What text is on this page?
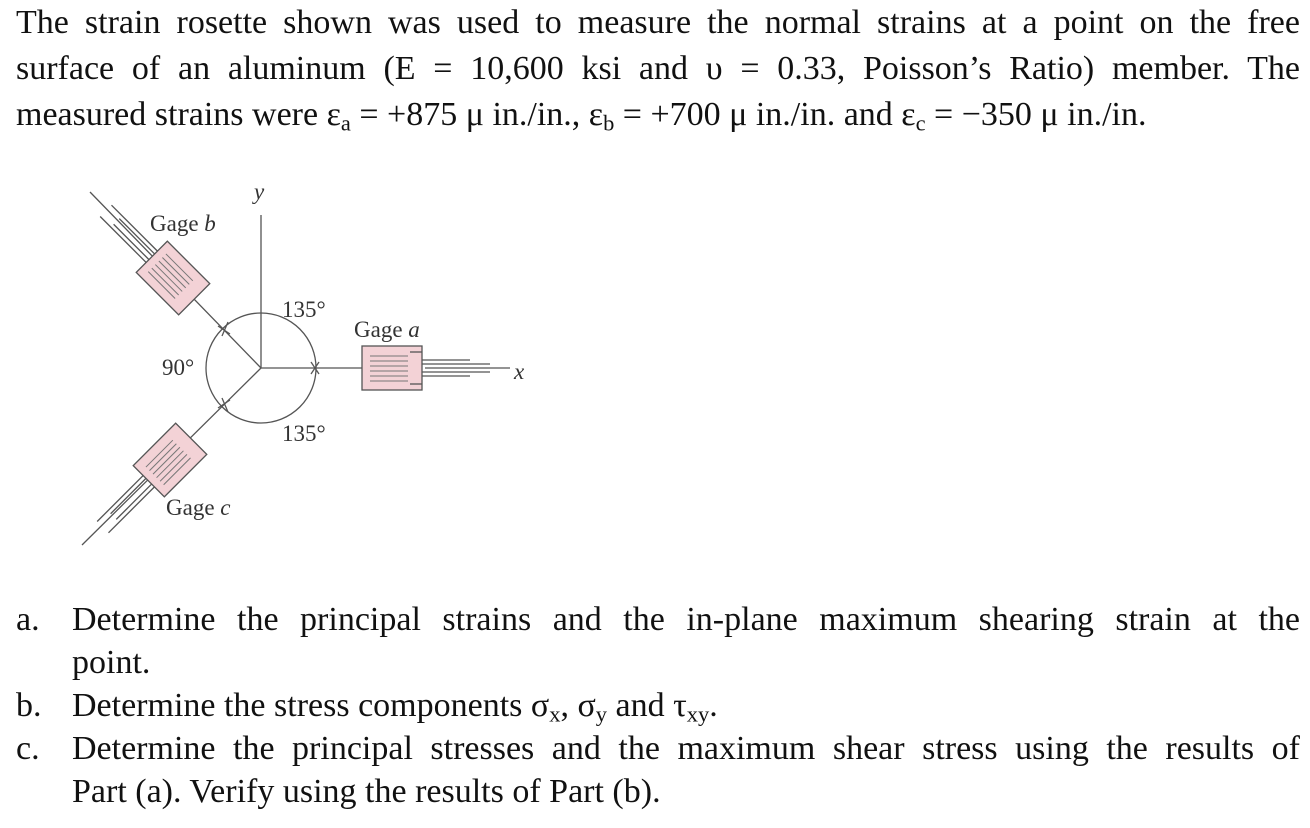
The strain rosette shown was used to measure the normal strains at a point on the free
surface of an aluminum (E = 10,600 ksi and υ = 0.33, Poisson’s Ratio) member. The
measured strains were $\varepsilon_a = +875$ μ in./in., $\varepsilon_b = +700$ μ in./in. and $\varepsilon_c = -350$ μ in./in.
y
x
Gage b
Gage a
Gage c
135°
90°
135°
a. Determine the principal strains and the in-plane maximum shearing strain at the
point.
b. Determine the stress components $\sigma_x$, $\sigma_y$ and $\tau_{xy}$.
c. Determine the principal stresses and the maximum shear stress using the results of
Part (a). Verify using the results of Part (b).
